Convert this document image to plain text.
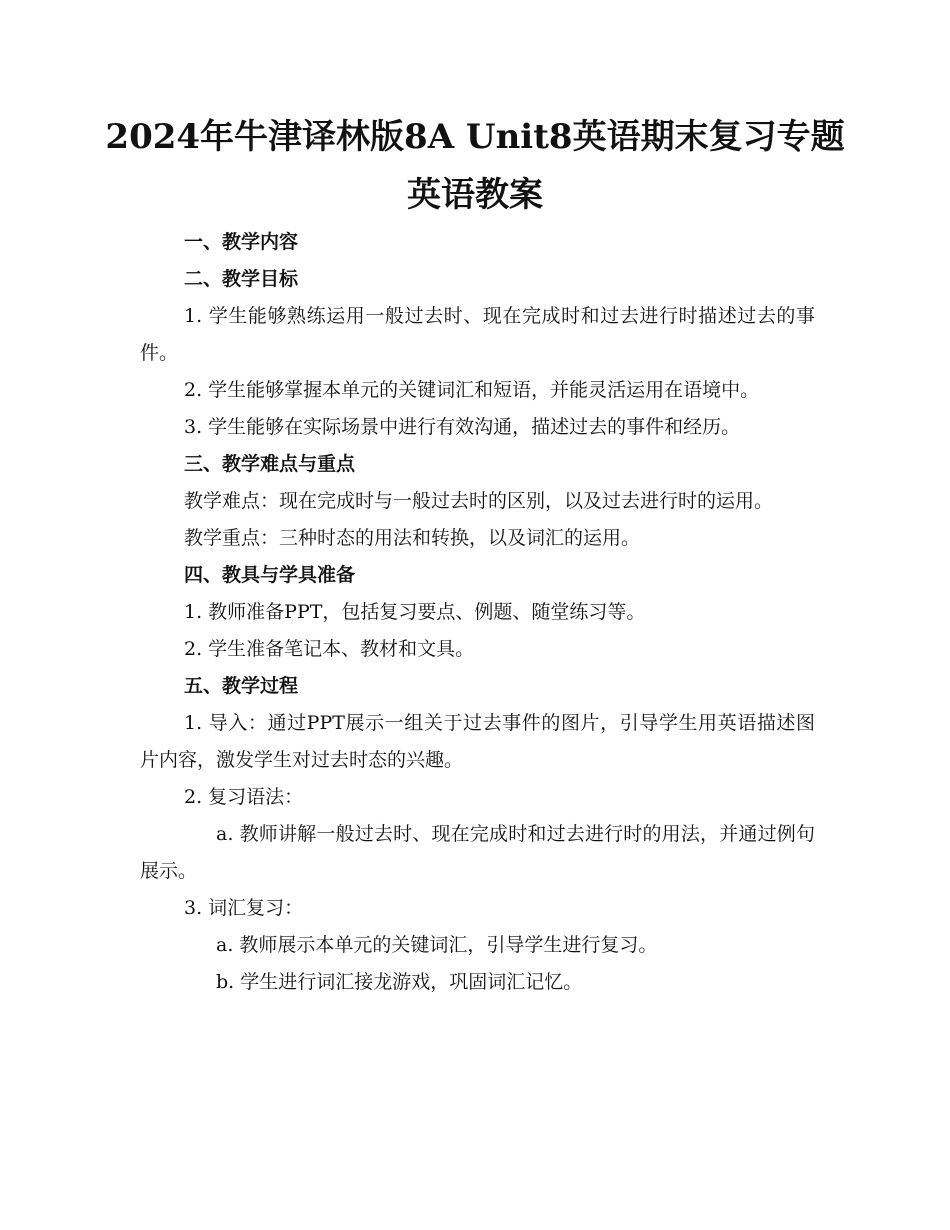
2024年牛津译林版8A Unit8英语期末复习专题英语教案

一、教学内容

二、教学目标

1. 学生能够熟练运用一般过去时、现在完成时和过去进行时描述过去的事件。

2. 学生能够掌握本单元的关键词汇和短语，并能灵活运用在语境中。

3. 学生能够在实际场景中进行有效沟通，描述过去的事件和经历。

三、教学难点与重点

教学难点：现在完成时与一般过去时的区别，以及过去进行时的运用。

教学重点：三种时态的用法和转换，以及词汇的运用。

四、教具与学具准备

1. 教师准备PPT，包括复习要点、例题、随堂练习等。

2. 学生准备笔记本、教材和文具。

五、教学过程

1. 导入：通过PPT展示一组关于过去事件的图片，引导学生用英语描述图片内容，激发学生对过去时态的兴趣。

2. 复习语法：

a. 教师讲解一般过去时、现在完成时和过去进行时的用法，并通过例句展示。

3. 词汇复习：

a. 教师展示本单元的关键词汇，引导学生进行复习。

b. 学生进行词汇接龙游戏，巩固词汇记忆。
